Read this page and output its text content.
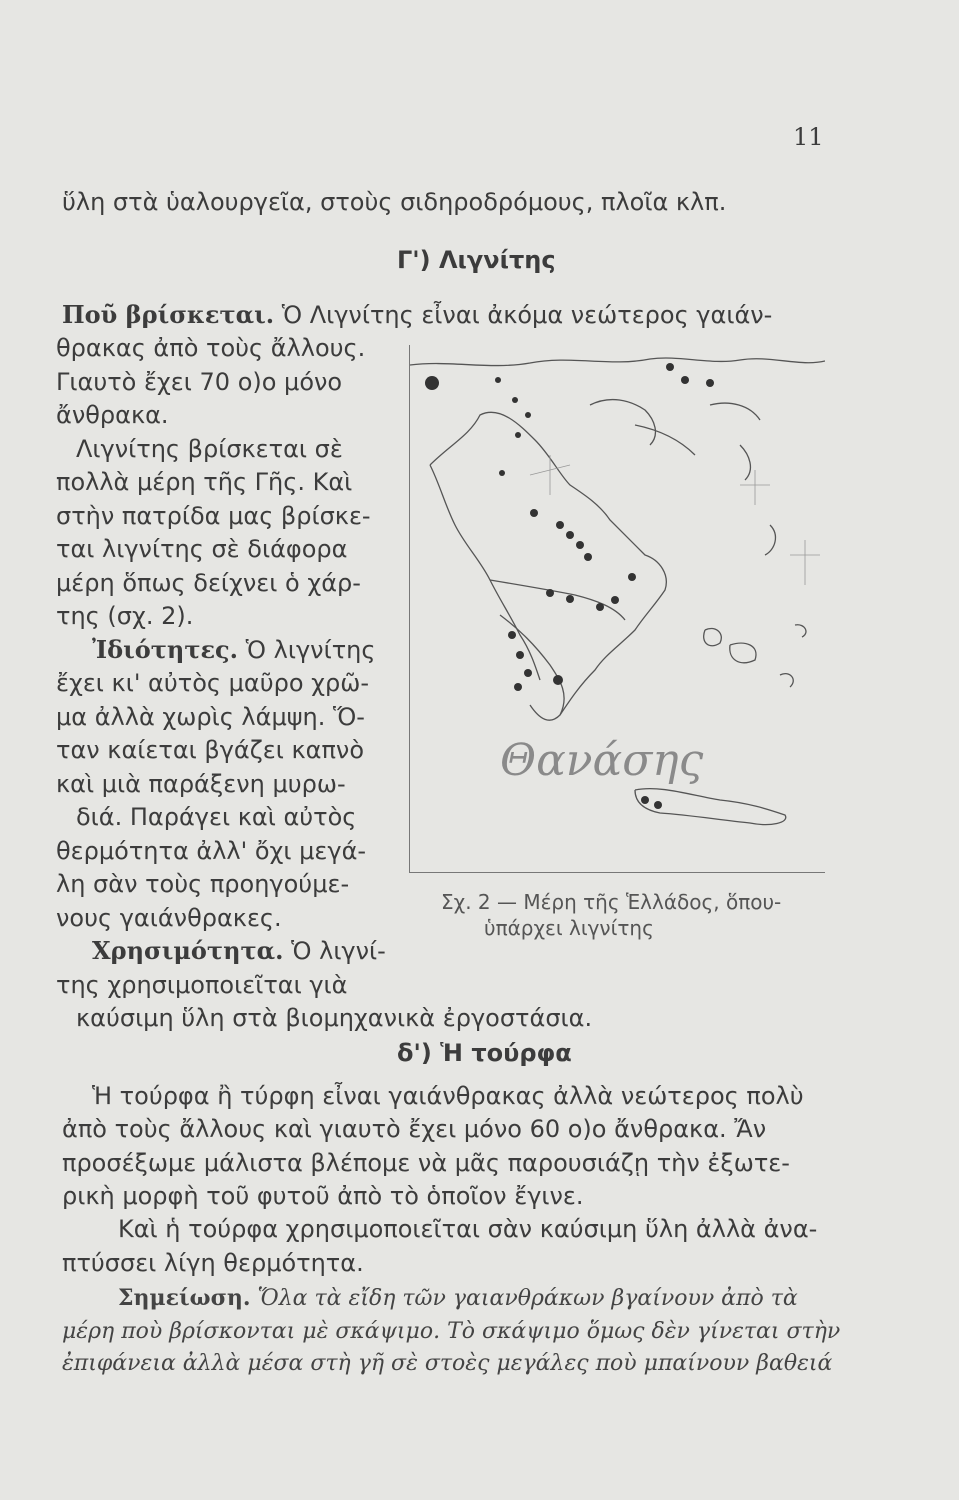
11
ὕλη στὰ ὑαλουργεῖα, στοὺς σιδηροδρόμους, πλοῖα κλπ.
Γ') Λιγνίτης
Ποῦ βρίσκεται. Ὁ Λιγνίτης εἶναι ἀκόμα νεώτερος γαιάν-
θρακας ἀπὸ τοὺς ἄλλους.
Γιαυτὸ ἔχει 70 ο)ο μόνο
ἄνθρακα.
Λιγνίτης βρίσκεται σὲ
πολλὰ μέρη τῆς Γῆς. Καὶ
στὴν πατρίδα μας βρίσκε-
ται λιγνίτης σὲ διάφορα
μέρη ὅπως δείχνει ὁ χάρ-
της (σχ. 2).
Ἰδιότητες. Ὁ λιγνίτης
ἔχει κι' αὐτὸς μαῦρο χρῶ-
μα ἀλλὰ χωρὶς λάμψη. Ὅ-
ταν καίεται βγάζει καπνὸ
καὶ μιὰ παράξενη μυρω-
διά. Παράγει καὶ αὐτὸς
θερμότητα ἀλλ' ὄχι μεγά-
λη σὰν τοὺς προηγούμε-
νους γαιάνθρακες.
Χρησιμότητα. Ὁ λιγνί-
της χρησιμοποιεῖται γιὰ
καύσιμη ὕλη στὰ βιομηχανικὰ ἐργοστάσια.
Θανάσης
Σχ. 2 — Μέρη τῆς Ἑλλάδος, ὅπου-
ὑπάρχει λιγνίτης
δ') Ἡ τούρφα
Ἡ τούρφα ἢ τύρφη εἶναι γαιάνθρακας ἀλλὰ νεώτερος πολὺ
ἀπὸ τοὺς ἄλλους καὶ γιαυτὸ ἔχει μόνο 60 ο)ο ἄνθρακα. Ἄν
προσέξωμε μάλιστα βλέπομε νὰ μᾶς παρουσιάζῃ τὴν ἐξωτε-
ρικὴ μορφὴ τοῦ φυτοῦ ἀπὸ τὸ ὁποῖον ἔγινε.
Καὶ ἡ τούρφα χρησιμοποιεῖται σὰν καύσιμη ὕλη ἀλλὰ ἀνα-
πτύσσει λίγη θερμότητα.
Σημείωση. Ὅλα τὰ εἴδη τῶν γαιανθράκων βγαίνουν ἀπὸ τὰ
μέρη ποὺ βρίσκονται μὲ σκάψιμο. Τὸ σκάψιμο ὅμως δὲν γίνεται στὴν
ἐπιφάνεια ἀλλὰ μέσα στὴ γῆ σὲ στοὲς μεγάλες ποὺ μπαίνουν βαθειά
